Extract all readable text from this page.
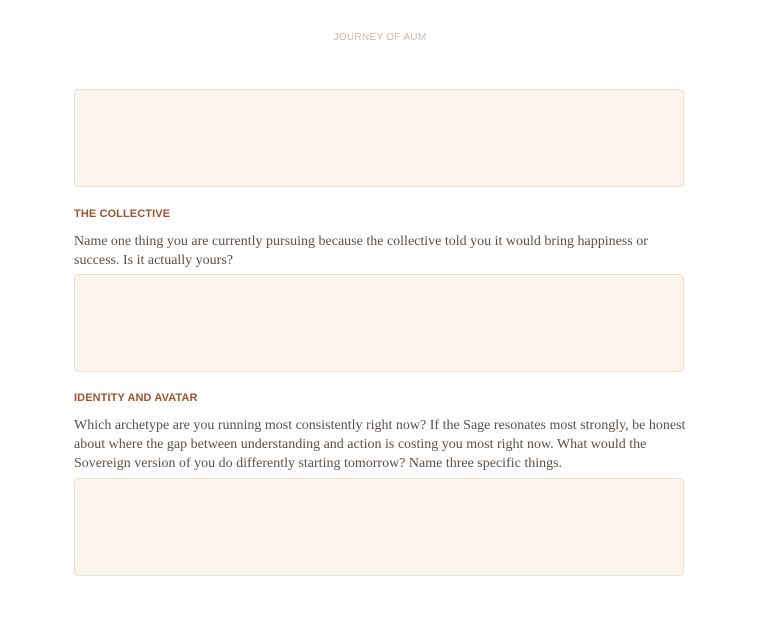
JOURNEY OF AUM
THE COLLECTIVE
Name one thing you are currently pursuing because the collective told you it would bring happiness or success. Is it actually yours?
IDENTITY AND AVATAR
Which archetype are you running most consistently right now? If the Sage resonates most strongly, be honest about where the gap between understanding and action is costing you most right now. What would the Sovereign version of you do differently starting tomorrow? Name three specific things.
